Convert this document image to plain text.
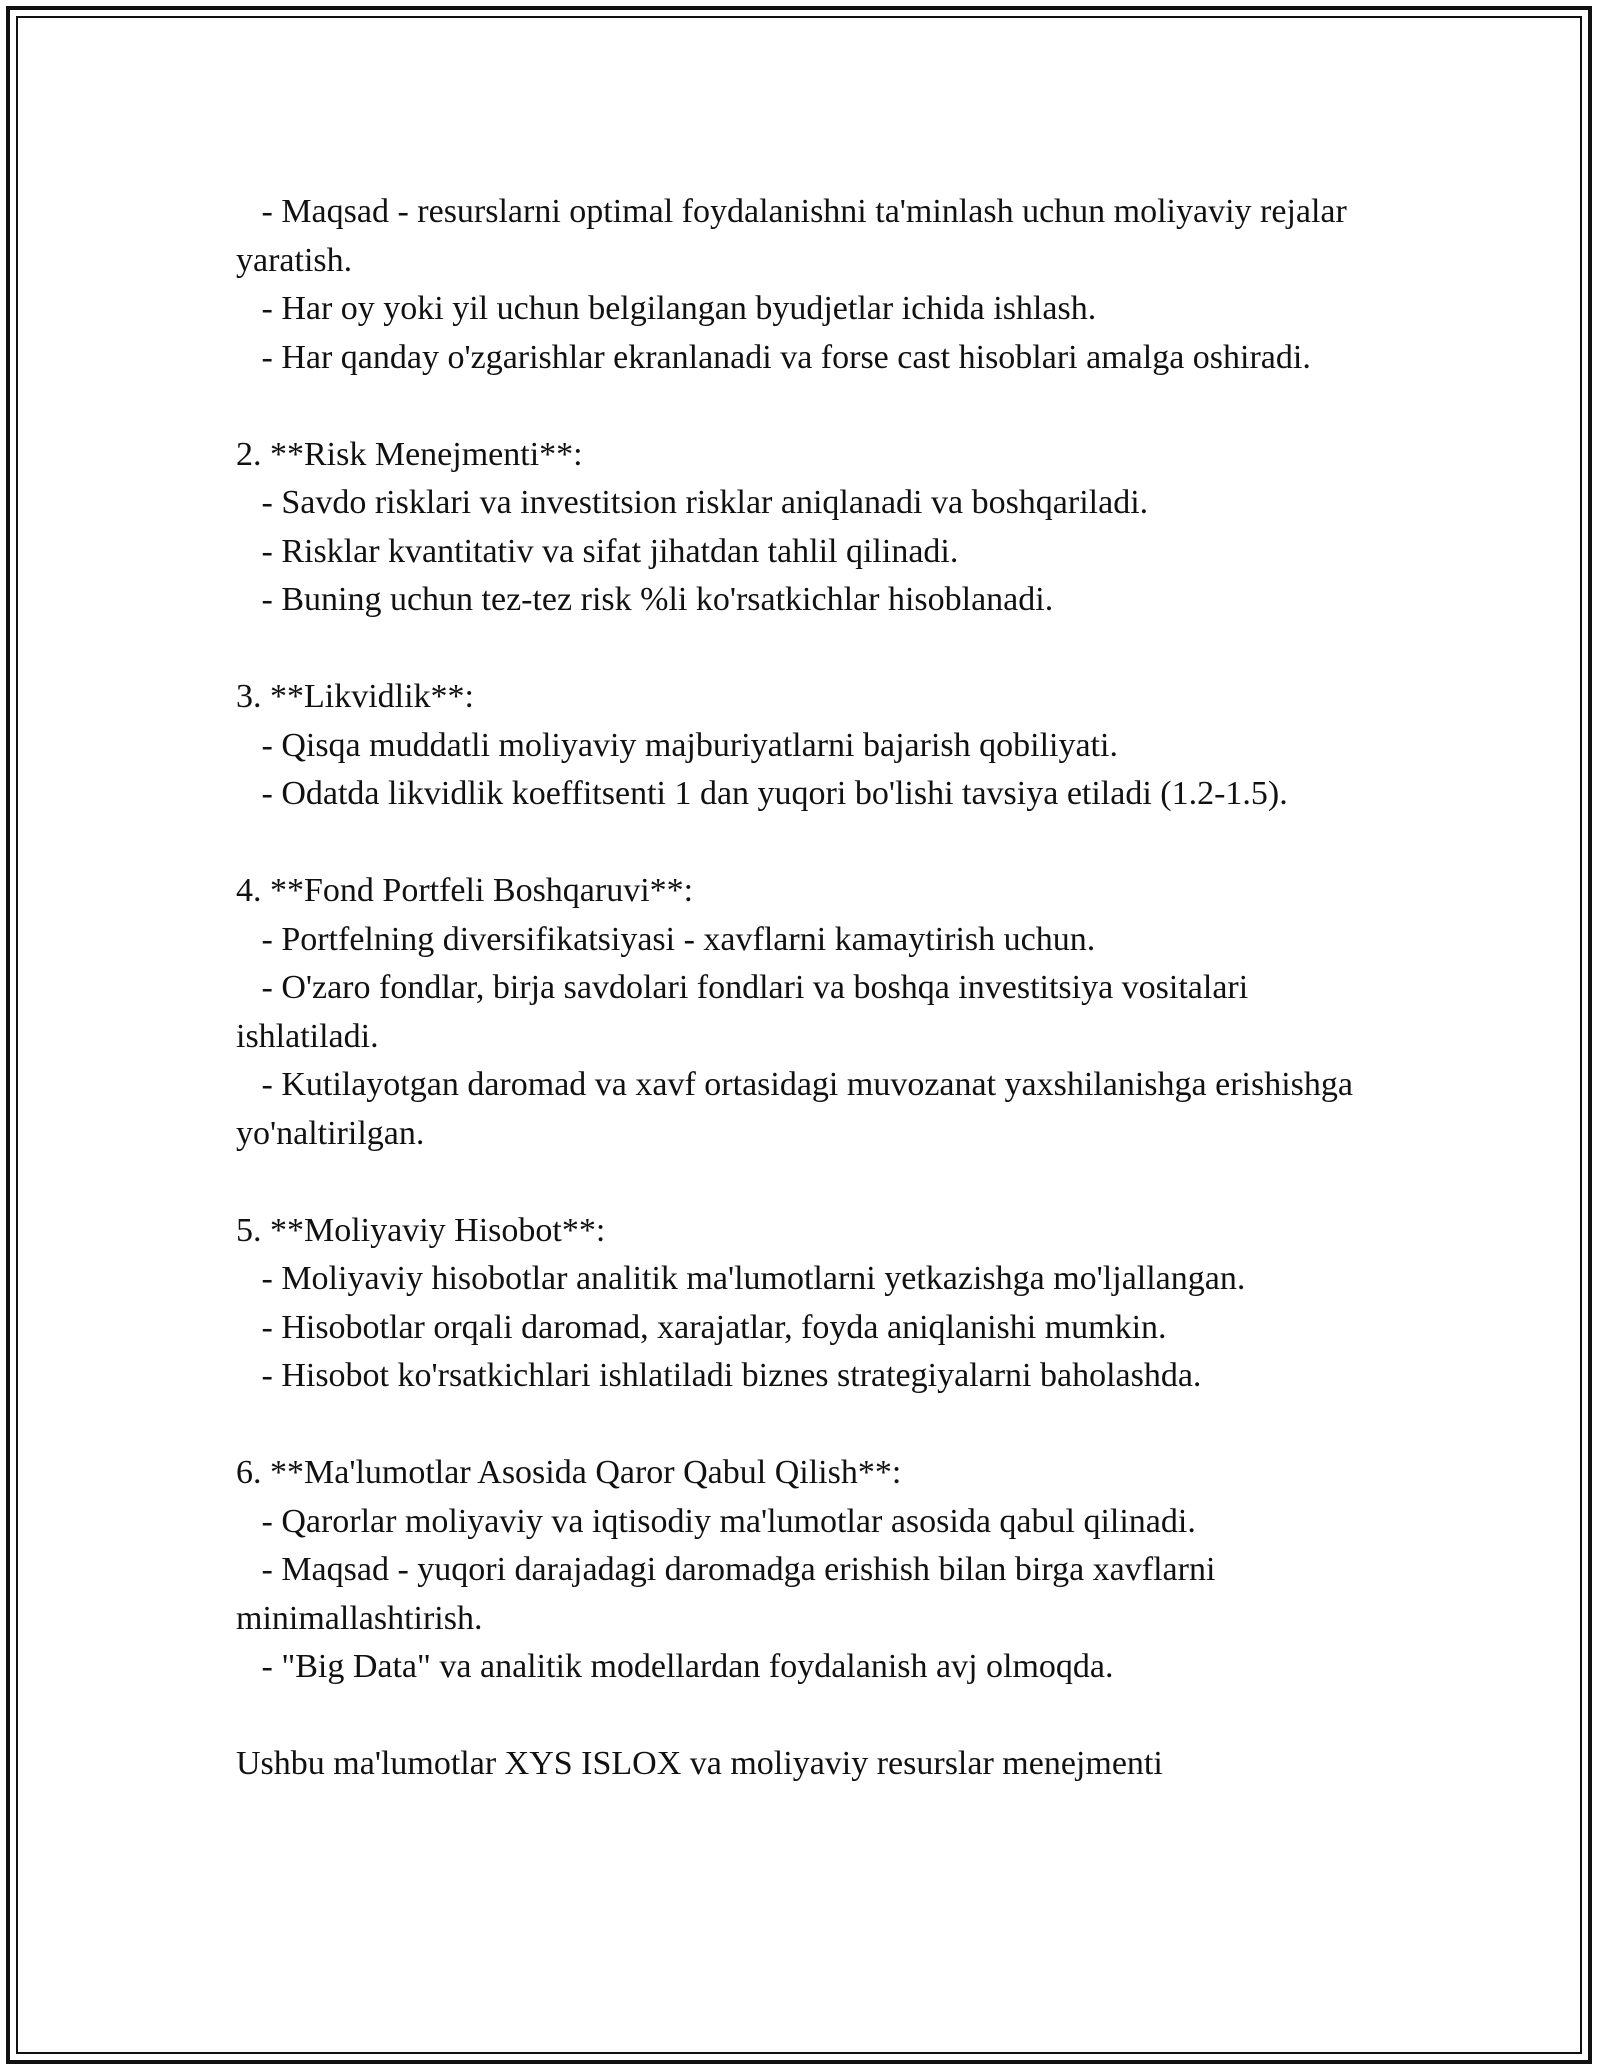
- Maqsad - resurslarni optimal foydalanishni ta'minlash uchun moliyaviy rejalar yaratish.

- Har oy yoki yil uchun belgilangan byudjetlar ichida ishlash.

- Har qanday o'zgarishlar ekranlanadi va forse cast hisoblari amalga oshiradi.

2. **Risk Menejmenti**:

- Savdo risklari va investitsion risklar aniqlanadi va boshqariladi.

- Risklar kvantitativ va sifat jihatdan tahlil qilinadi.

- Buning uchun tez-tez risk %li ko'rsatkichlar hisoblanadi.

3. **Likvidlik**:

- Qisqa muddatli moliyaviy majburiyatlarni bajarish qobiliyati.

- Odatda likvidlik koeffitsenti 1 dan yuqori bo'lishi tavsiya etiladi (1.2-1.5).

4. **Fond Portfeli Boshqaruvi**:

- Portfelning diversifikatsiyasi - xavflarni kamaytirish uchun.

- O'zaro fondlar, birja savdolari fondlari va boshqa investitsiya vositalari ishlatiladi.

- Kutilayotgan daromad va xavf ortasidagi muvozanat yaxshilanishga erishishga yo'naltirilgan.

5. **Moliyaviy Hisobot**:

- Moliyaviy hisobotlar analitik ma'lumotlarni yetkazishga mo'ljallangan.

- Hisobotlar orqali daromad, xarajatlar, foyda aniqlanishi mumkin.

- Hisobot ko'rsatkichlari ishlatiladi biznes strategiyalarni baholashda.

6. **Ma'lumotlar Asosida Qaror Qabul Qilish**:

- Qarorlar moliyaviy va iqtisodiy ma'lumotlar asosida qabul qilinadi.

- Maqsad - yuqori darajadagi daromadga erishish bilan birga xavflarni minimallashtirish.

- "Big Data" va analitik modellardan foydalanish avj olmoqda.

Ushbu ma'lumotlar XYS ISLOX va moliyaviy resurslar menejmenti
